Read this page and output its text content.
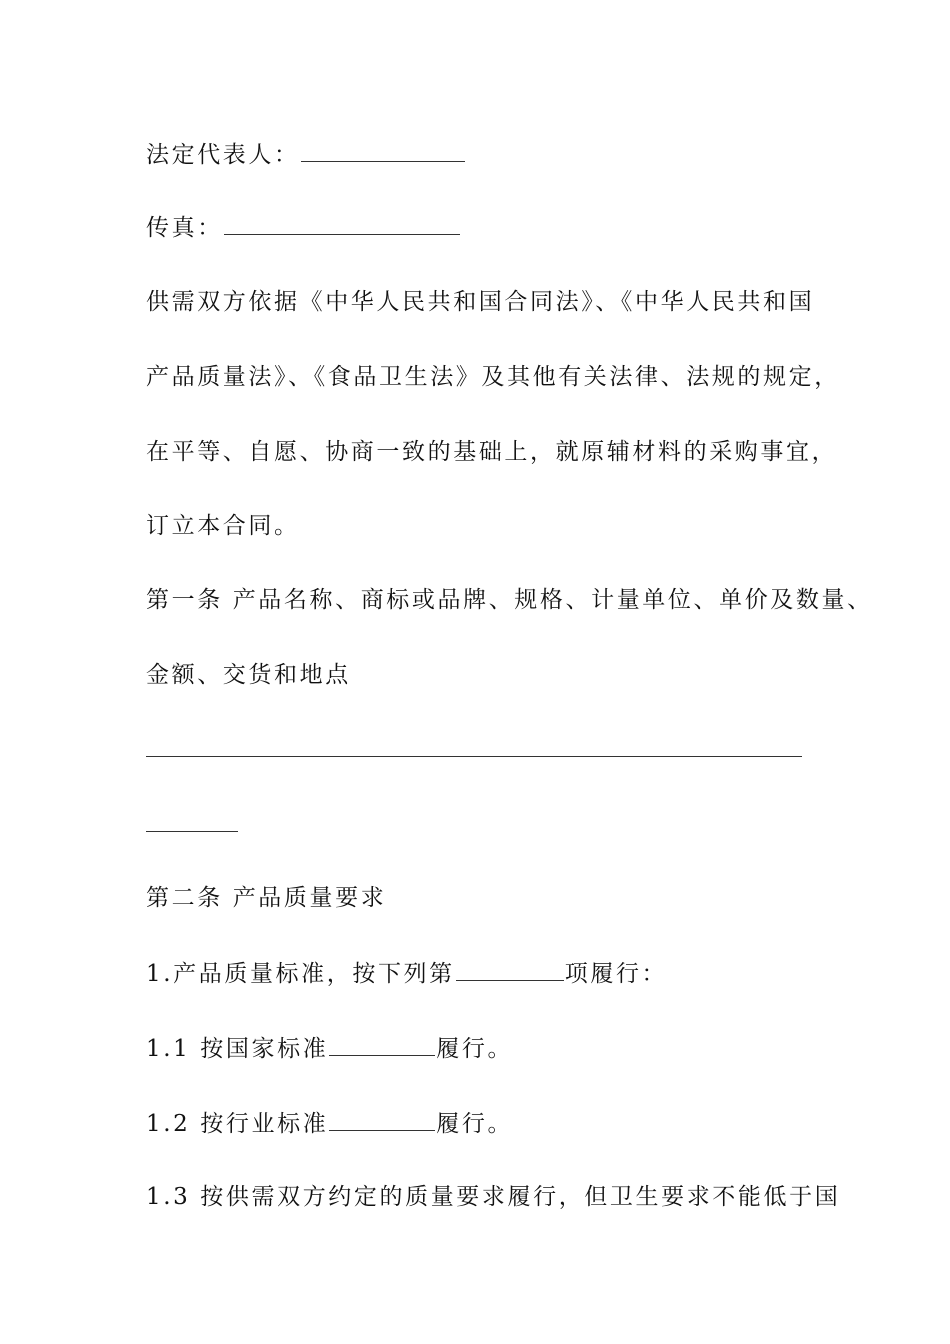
法定代表人：
传真：
供需双方依据《中华人民共和国合同法》、《中华人民共和国
产品质量法》、《食品卫生法》及其他有关法律、法规的规定，
在平等、自愿、协商一致的基础上，就原辅材料的采购事宜，
订立本合同。
第一条 产品名称、商标或品牌、规格、计量单位、单价及数量、
金额、交货和地点
第二条 产品质量要求
1.产品质量标准，按下列第	项履行：
1.1 按国家标准	履行。
1.2 按行业标准	履行。
1.3 按供需双方约定的质量要求履行，但卫生要求不能低于国
